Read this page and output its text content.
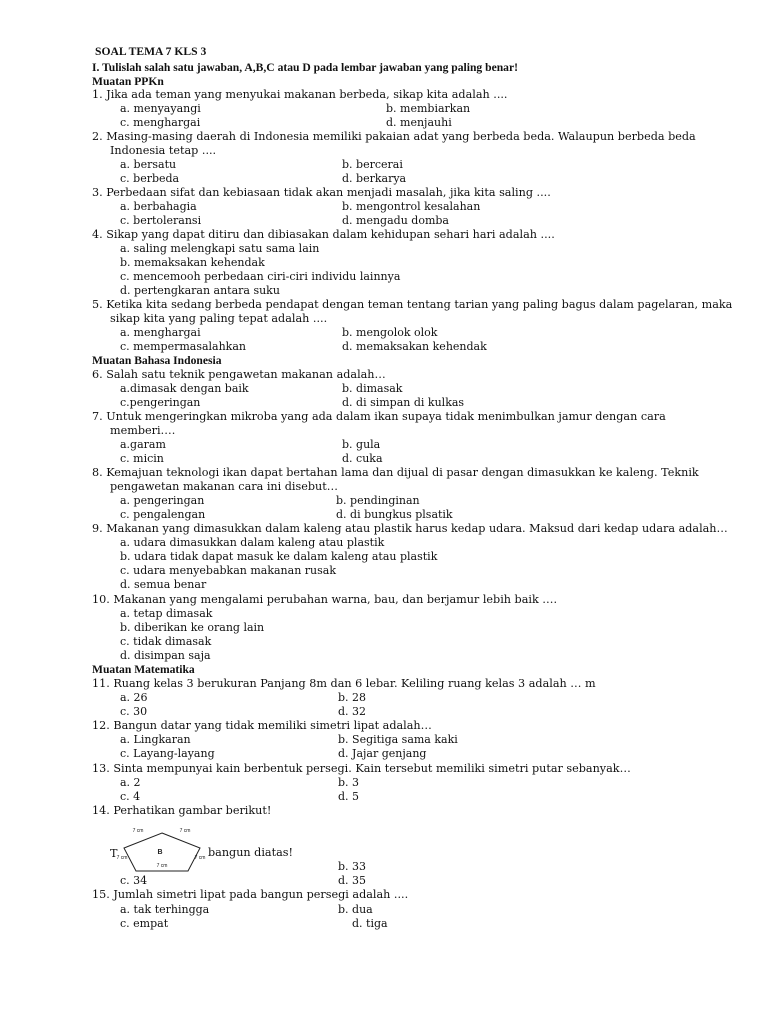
SOAL TEMA 7 KLS 3
I. Tulislah salah satu jawaban, A,B,C atau D pada lembar jawaban yang paling benar!
Muatan PPKn
1. Jika ada teman yang menyukai makanan berbeda, sikap kita adalah ....
a. menyayangi	b. membiarkan
c. menghargai	d. menjauhi
2. Masing-masing daerah di Indonesia memiliki pakaian adat yang berbeda beda. Walaupun berbeda beda
Indonesia tetap ....
a. bersatu	b. bercerai
c. berbeda	d. berkarya
3. Perbedaan sifat dan kebiasaan tidak akan menjadi masalah, jika kita saling ....
a. berbahagia	b. mengontrol kesalahan
c. bertoleransi	d. mengadu domba
4. Sikap yang dapat ditiru dan dibiasakan dalam kehidupan sehari hari adalah ....
a. saling melengkapi satu sama lain
b. memaksakan kehendak
c. mencemooh perbedaan ciri-ciri individu lainnya
d. pertengkaran antara suku
5. Ketika kita sedang berbeda pendapat dengan teman tentang tarian yang paling bagus dalam pagelaran, maka
sikap kita yang paling tepat adalah ....
a. menghargai	b. mengolok olok
c. mempermasalahkan	d. memaksakan kehendak
Muatan Bahasa Indonesia
6. Salah satu teknik pengawetan makanan adalah…
a.dimasak dengan baik	b. dimasak
c.pengeringan	d. di simpan di kulkas
7. Untuk mengeringkan mikroba yang ada dalam ikan supaya tidak menimbulkan jamur dengan cara
memberi….
a.garam	b. gula
c. micin	d. cuka
8. Kemajuan teknologi ikan dapat bertahan lama dan dijual di pasar dengan dimasukkan ke kaleng. Teknik
pengawetan makanan cara ini disebut…
a. pengeringan	b. pendinginan
c. pengalengan	d. di bungkus plsatik
9. Makanan yang dimasukkan dalam kaleng atau plastik harus kedap udara. Maksud dari kedap udara adalah…
a. udara dimasukkan dalam kaleng atau plastik
b. udara tidak dapat masuk ke dalam kaleng atau plastik
c. udara menyebabkan makanan rusak
d. semua benar
10. Makanan yang mengalami perubahan warna, bau, dan berjamur lebih baik ….
a. tetap dimasak
b. diberikan ke orang lain
c. tidak dimasak
d. disimpan saja
Muatan Matematika
11. Ruang kelas 3 berukuran Panjang 8m dan 6 lebar. Keliling ruang kelas 3 adalah … m
a. 26	b. 28
c. 30	d. 32
12. Bangun datar yang tidak memiliki simetri lipat adalah…
a. Lingkaran	b. Segitiga sama kaki
c. Layang-layang	d. Jajar genjang
13. Sinta mempunyai kain berbentuk persegi. Kain tersebut memiliki simetri putar sebanyak…
a. 2	b. 3
c. 4	d. 5
14. Perhatikan gambar berikut!
B
7 cm	7 cm
7 cm	7 cm
7 cm
T	bangun diatas!
b. 33
c. 34	d. 35
15. Jumlah simetri lipat pada bangun persegi adalah ....
a. tak terhingga	b. dua
c. empat	d. tiga
